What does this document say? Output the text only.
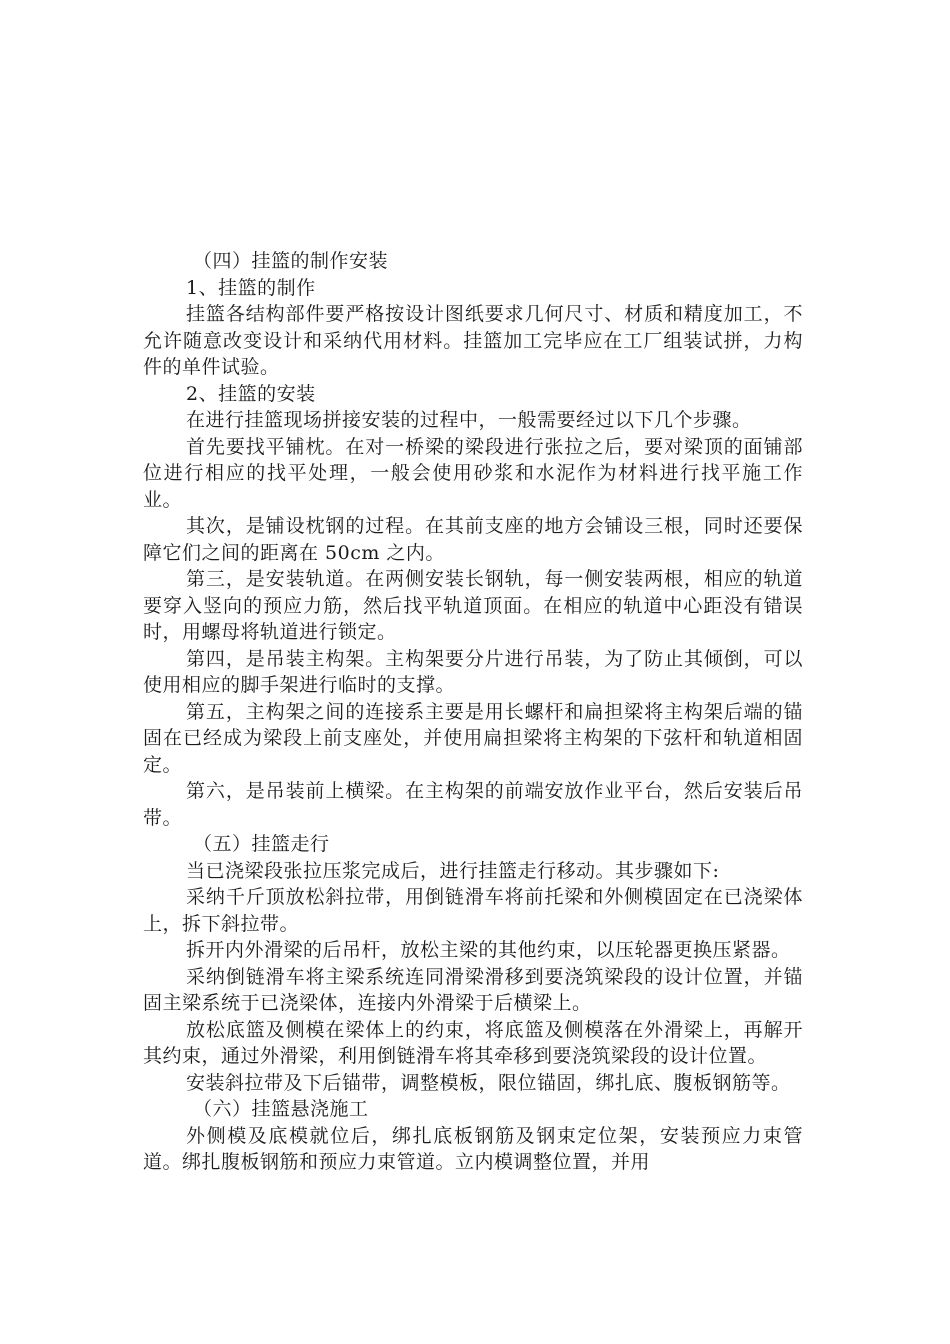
（四）挂篮的制作安装

1、挂篮的制作

挂篮各结构部件要严格按设计图纸要求几何尺寸、材质和精度加工，不允许随意改变设计和采纳代用材料。挂篮加工完毕应在工厂组装试拼，力构件的单件试验。

2、挂篮的安装

在进行挂篮现场拼接安装的过程中，一般需要经过以下几个步骤。

首先要找平铺枕。在对一桥梁的梁段进行张拉之后，要对梁顶的面铺部位进行相应的找平处理，一般会使用砂浆和水泥作为材料进行找平施工作业。

其次，是铺设枕钢的过程。在其前支座的地方会铺设三根，同时还要保障它们之间的距离在 50cm 之内。

第三，是安装轨道。在两侧安装长钢轨，每一侧安装两根，相应的轨道要穿入竖向的预应力筋，然后找平轨道顶面。在相应的轨道中心距没有错误时，用螺母将轨道进行锁定。

第四，是吊装主构架。主构架要分片进行吊装，为了防止其倾倒，可以使用相应的脚手架进行临时的支撑。

第五，主构架之间的连接系主要是用长螺杆和扁担梁将主构架后端的锚固在已经成为梁段上前支座处，并使用扁担梁将主构架的下弦杆和轨道相固定。

第六，是吊装前上横梁。在主构架的前端安放作业平台，然后安装后吊带。

（五）挂篮走行

当已浇梁段张拉压浆完成后，进行挂篮走行移动。其步骤如下:

采纳千斤顶放松斜拉带，用倒链滑车将前托梁和外侧模固定在已浇梁体上，拆下斜拉带。

拆开内外滑梁的后吊杆，放松主梁的其他约束，以压轮器更换压紧器。

采纳倒链滑车将主梁系统连同滑梁滑移到要浇筑梁段的设计位置，并锚固主梁系统于已浇梁体，连接内外滑梁于后横梁上。

放松底篮及侧模在梁体上的约束，将底篮及侧模落在外滑梁上，再解开其约束，通过外滑梁，利用倒链滑车将其牵移到要浇筑梁段的设计位置。

安装斜拉带及下后锚带，调整模板，限位锚固，绑扎底、腹板钢筋等。

（六）挂篮悬浇施工

外侧模及底模就位后，绑扎底板钢筋及钢束定位架，安装预应力束管道。绑扎腹板钢筋和预应力束管道。立内模调整位置，并用
